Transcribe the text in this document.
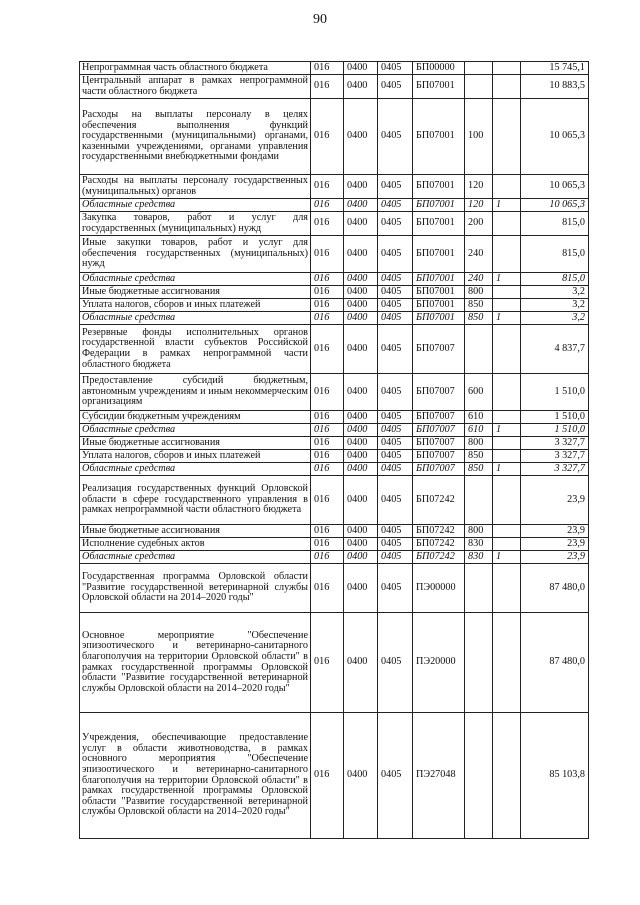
90
Непрограммная часть областного бюджета	016	0400	0405	БП00000			15 745,1
Центральный аппарат в рамках непрограммной части областного бюджета	016	0400	0405	БП07001			10 883,5
Расходы на выплаты персоналу в целях обеспечения выполнения функций государственными (муниципальными) органами, казенными учреждениями, органами управления государственными внебюджетными фондами	016	0400	0405	БП07001	100		10 065,3
Расходы на выплаты персоналу государственных (муниципальных) органов	016	0400	0405	БП07001	120		10 065,3
Областные средства	016	0400	0405	БП07001	120	1	10 065,3
Закупка товаров, работ и услуг для государственных (муниципальных) нужд	016	0400	0405	БП07001	200		815,0
Иные закупки товаров, работ и услуг для обеспечения государственных (муниципальных) нужд	016	0400	0405	БП07001	240		815,0
Областные средства	016	0400	0405	БП07001	240	1	815,0
Иные бюджетные ассигнования	016	0400	0405	БП07001	800		3,2
Уплата налогов, сборов и иных платежей	016	0400	0405	БП07001	850		3,2
Областные средства	016	0400	0405	БП07001	850	1	3,2
Резервные фонды исполнительных органов государственной власти субъектов Российской Федерации в рамках непрограммной части областного бюджета	016	0400	0405	БП07007			4 837,7
Предоставление субсидий бюджетным, автономным учреждениям и иным некоммерческим организациям	016	0400	0405	БП07007	600		1 510,0
Субсидии бюджетным учреждениям	016	0400	0405	БП07007	610		1 510,0
Областные средства	016	0400	0405	БП07007	610	1	1 510,0
Иные бюджетные ассигнования	016	0400	0405	БП07007	800		3 327,7
Уплата налогов, сборов и иных платежей	016	0400	0405	БП07007	850		3 327,7
Областные средства	016	0400	0405	БП07007	850	1	3 327,7
Реализация государственных функций Орловской области в сфере государственного управления в рамках непрограммной части областного бюджета	016	0400	0405	БП07242			23,9
Иные бюджетные ассигнования	016	0400	0405	БП07242	800		23,9
Исполнение судебных актов	016	0400	0405	БП07242	830		23,9
Областные средства	016	0400	0405	БП07242	830	1	23,9
Государственная программа Орловской области "Развитие государственной ветеринарной службы Орловской области на 2014–2020 годы"	016	0400	0405	ПЭ00000			87 480,0
Основное мероприятие "Обеспечение эпизоотического и ветеринарно-санитарного благополучия на территории Орловской области" в рамках государственной программы Орловской области "Развитие государственной ветеринарной службы Орловской области на 2014–2020 годы"	016	0400	0405	ПЭ20000			87 480,0
Учреждения, обеспечивающие предоставление услуг в области животноводства, в рамках основного мероприятия "Обеспечение эпизоотического и ветеринарно-санитарного благополучия на территории Орловской области" в рамках государственной программы Орловской области "Развитие государственной ветеринарной службы Орловской области на 2014–2020 годы"	016	0400	0405	ПЭ27048			85 103,8
